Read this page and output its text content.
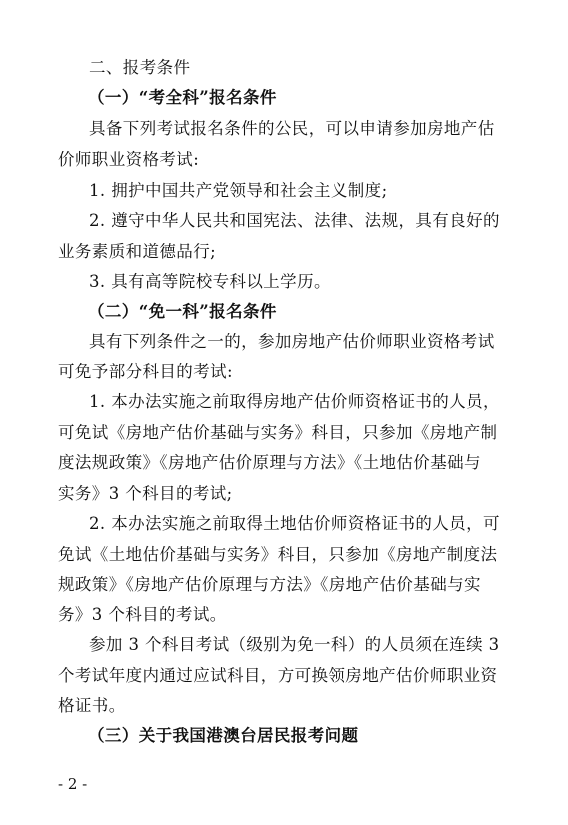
二、报考条件
（一）“考全科”报名条件
具备下列考试报名条件的公民，可以申请参加房地产估
价师职业资格考试:
1. 拥护中国共产党领导和社会主义制度;
2. 遵守中华人民共和国宪法、法律、法规，具有良好的
业务素质和道德品行;
3. 具有高等院校专科以上学历。
（二）“免一科”报名条件
具有下列条件之一的，参加房地产估价师职业资格考试
可免予部分科目的考试:
1. 本办法实施之前取得房地产估价师资格证书的人员，
可免试《房地产估价基础与实务》科目，只参加《房地产制
度法规政策》《房地产估价原理与方法》《土地估价基础与
实务》3 个科目的考试;
2. 本办法实施之前取得土地估价师资格证书的人员，可
免试《土地估价基础与实务》科目，只参加《房地产制度法
规政策》《房地产估价原理与方法》《房地产估价基础与实
务》3 个科目的考试。
参加 3 个科目考试（级别为免一科）的人员须在连续 3
个考试年度内通过应试科目，方可换领房地产估价师职业资
格证书。
（三）关于我国港澳台居民报考问题
- 2 -
